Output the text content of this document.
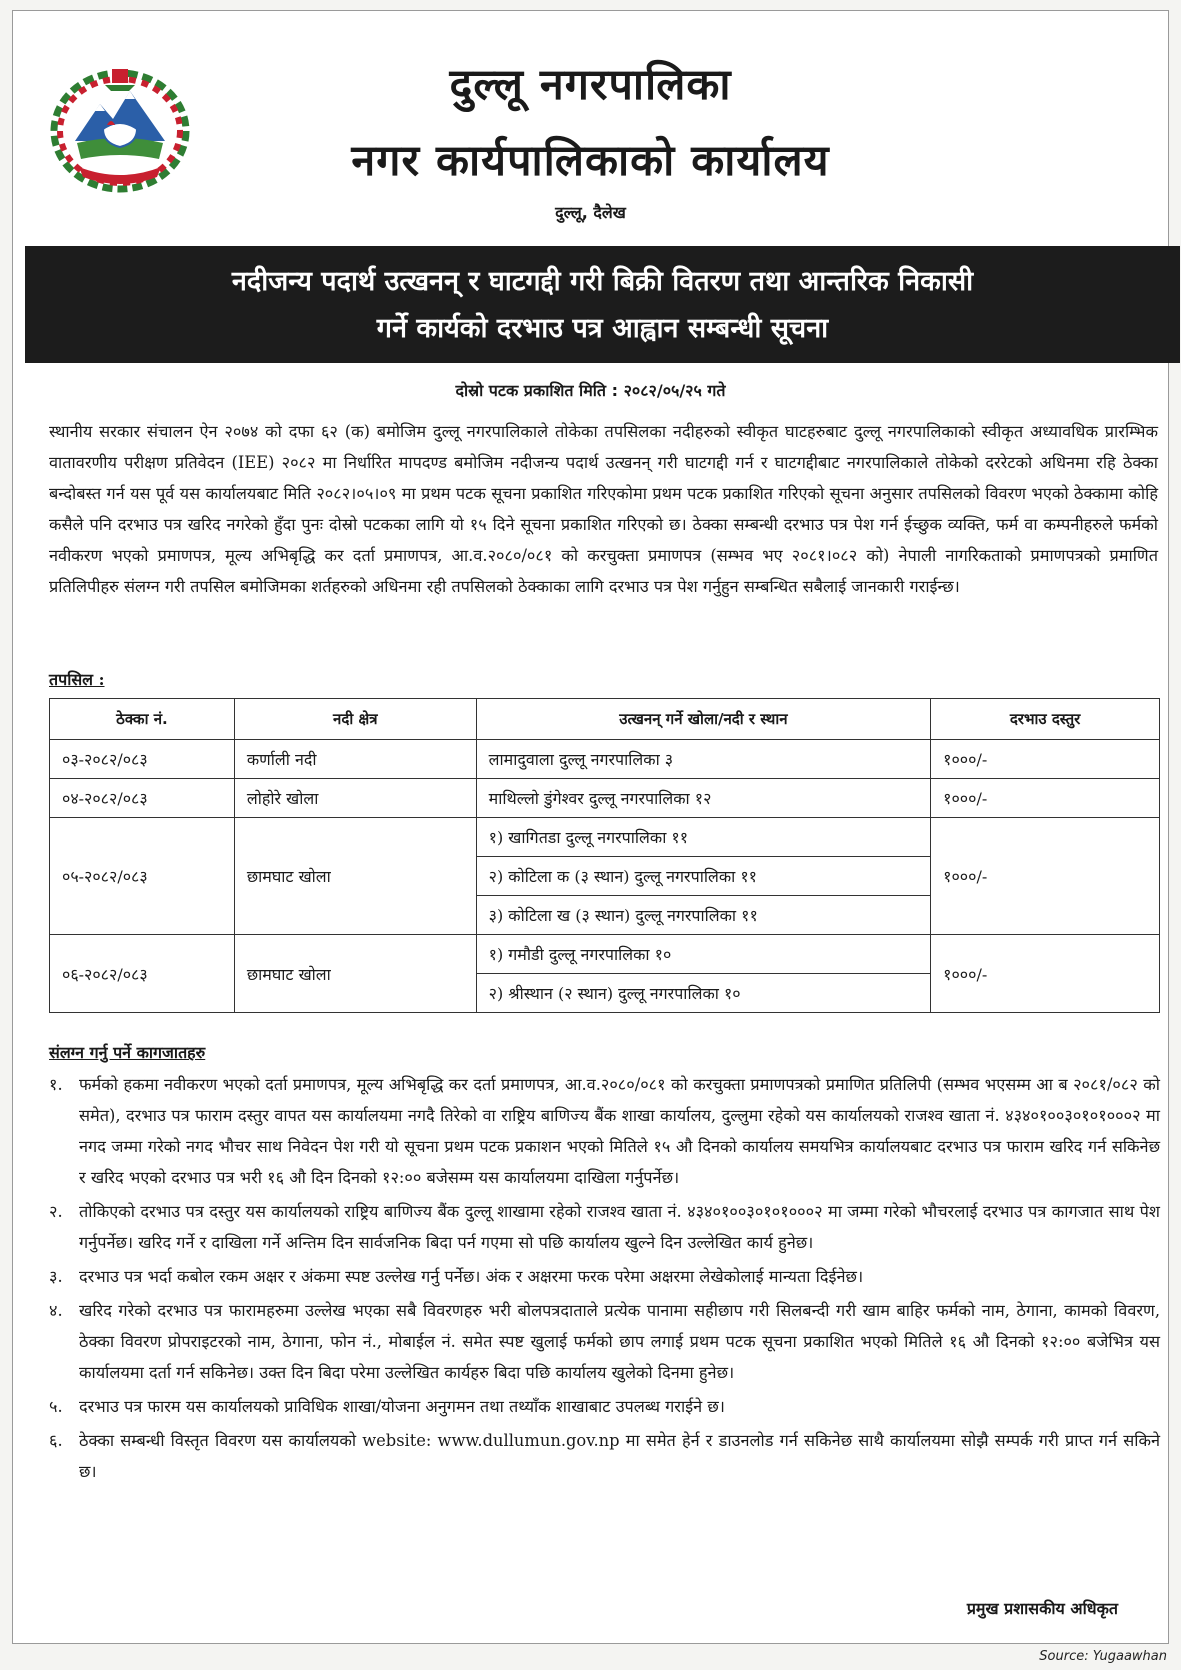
दुल्लू नगरपालिका
नगर कार्यपालिकाको कार्यालय
दुल्लू, दैलेख
नदीजन्य पदार्थ उत्खनन् र घाटगद्दी गरी बिक्री वितरण तथा आन्तरिक निकासी
गर्ने कार्यको दरभाउ पत्र आह्वान सम्बन्धी सूचना
दोस्रो पटक प्रकाशित मिति : २०८२/०५/२५ गते

स्थानीय सरकार संचालन ऐन २०७४ को दफा ६२ (क) बमोजिम दुल्लू नगरपालिकाले तोकेका तपसिलका नदीहरुको स्वीकृत घाटहरुबाट दुल्लू नगरपालिकाको स्वीकृत अध्यावधिक प्रारम्भिक वातावरणीय परीक्षण प्रतिवेदन (IEE) २०८२ मा निर्धारित मापदण्ड बमोजिम नदीजन्य पदार्थ उत्खनन् गरी घाटगद्दी गर्न र घाटगद्दीबाट नगरपालिकाले तोकेको दररेटको अधिनमा रहि ठेक्का बन्दोबस्त गर्न यस पूर्व यस कार्यालयबाट मिति २०८२।०५।०९ मा प्रथम पटक सूचना प्रकाशित गरिएकोमा प्रथम पटक प्रकाशित गरिएको सूचना अनुसार तपसिलको विवरण भएको ठेक्कामा कोहि कसैले पनि दरभाउ पत्र खरिद नगरेको हुँदा पुनः दोस्रो पटकका लागि यो १५ दिने सूचना प्रकाशित गरिएको छ। ठेक्का सम्बन्धी दरभाउ पत्र पेश गर्न ईच्छुक व्यक्ति, फर्म वा कम्पनीहरुले फर्मको नवीकरण भएको प्रमाणपत्र, मूल्य अभिबृद्धि कर दर्ता प्रमाणपत्र, आ.व.२०८०/०८१ को करचुक्ता प्रमाणपत्र (सम्भव भए २०८१।०८२ को) नेपाली नागरिकताको प्रमाणपत्रको प्रमाणित प्रतिलिपीहरु संलग्न गरी तपसिल बमोजिमका शर्तहरुको अधिनमा रही तपसिलको ठेक्काका लागि दरभाउ पत्र पेश गर्नुहुन सम्बन्धित सबैलाई जानकारी गराईन्छ।

तपसिल :
ठेक्का नं.	नदी क्षेत्र	उत्खनन् गर्ने खोला/नदी र स्थान	दरभाउ दस्तुर
०३-२०८२/०८३	कर्णाली नदी	लामादुवाला दुल्लू नगरपालिका ३	१०००/-
०४-२०८२/०८३	लोहोरे खोला	माथिल्लो डुंगेश्वर दुल्लू नगरपालिका १२	१०००/-
०५-२०८२/०८३	छामघाट खोला	१) खागितडा दुल्लू नगरपालिका ११	१०००/-
		२) कोटिला क (३ स्थान) दुल्लू नगरपालिका ११	
		३) कोटिला ख (३ स्थान) दुल्लू नगरपालिका ११	
०६-२०८२/०८३	छामघाट खोला	१) गमौडी दुल्लू नगरपालिका १०	१०००/-
		२) श्रीस्थान (२ स्थान) दुल्लू नगरपालिका १०	
संलग्न गर्नु पर्ने कागजातहरु
१. फर्मको हकमा नवीकरण भएको दर्ता प्रमाणपत्र, मूल्य अभिबृद्धि कर दर्ता प्रमाणपत्र, आ.व.२०८०/०८१ को करचुक्ता प्रमाणपत्रको प्रमाणित प्रतिलिपी (सम्भव भएसम्म आ ब २०८१/०८२ को समेत), दरभाउ पत्र फाराम दस्तुर वापत यस कार्यालयमा नगदै तिरेको वा राष्ट्रिय बाणिज्य बैंक शाखा कार्यालय, दुल्लुमा रहेको यस कार्यालयको राजश्व खाता नं. ४३४०१००३०१०१०००२ मा नगद जम्मा गरेको नगद भौचर साथ निवेदन पेश गरी यो सूचना प्रथम पटक प्रकाशन भएको मितिले १५ औ दिनको कार्यालय समयभित्र कार्यालयबाट दरभाउ पत्र फाराम खरिद गर्न सकिनेछ र खरिद भएको दरभाउ पत्र भरी १६ औ दिन दिनको १२:०० बजेसम्म यस कार्यालयमा दाखिला गर्नुपर्नेछ।
२. तोकिएको दरभाउ पत्र दस्तुर यस कार्यालयको राष्ट्रिय बाणिज्य बैंक दुल्लू शाखामा रहेको राजश्व खाता नं. ४३४०१००३०१०१०००२ मा जम्मा गरेको भौचरलाई दरभाउ पत्र कागजात साथ पेश गर्नुपर्नेछ। खरिद गर्ने र दाखिला गर्ने अन्तिम दिन सार्वजनिक बिदा पर्न गएमा सो पछि कार्यालय खुल्ने दिन उल्लेखित कार्य हुनेछ।
३. दरभाउ पत्र भर्दा कबोल रकम अक्षर र अंकमा स्पष्ट उल्लेख गर्नु पर्नेछ। अंक र अक्षरमा फरक परेमा अक्षरमा लेखेकोलाई मान्यता दिईनेछ।
४. खरिद गरेको दरभाउ पत्र फारामहरुमा उल्लेख भएका सबै विवरणहरु भरी बोलपत्रदाताले प्रत्येक पानामा सहीछाप गरी सिलबन्दी गरी खाम बाहिर फर्मको नाम, ठेगाना, कामको विवरण, ठेक्का विवरण प्रोपराइटरको नाम, ठेगाना, फोन नं., मोबाईल नं. समेत स्पष्ट खुलाई फर्मको छाप लगाई प्रथम पटक सूचना प्रकाशित भएको मितिले १६ औ दिनको १२:०० बजेभित्र यस कार्यालयमा दर्ता गर्न सकिनेछ। उक्त दिन बिदा परेमा उल्लेखित कार्यहरु बिदा पछि कार्यालय खुलेको दिनमा हुनेछ।
५. दरभाउ पत्र फारम यस कार्यालयको प्राविधिक शाखा/योजना अनुगमन तथा तथ्याँक शाखाबाट उपलब्ध गराईने छ।
६. ठेक्का सम्बन्धी विस्तृत विवरण यस कार्यालयको website: www.dullumun.gov.np मा समेत हेर्न र डाउनलोड गर्न सकिनेछ साथै कार्यालयमा सोझै सम्पर्क गरी प्राप्त गर्न सकिने छ।
प्रमुख प्रशासकीय अधिकृत
Source: Yugaawhan
